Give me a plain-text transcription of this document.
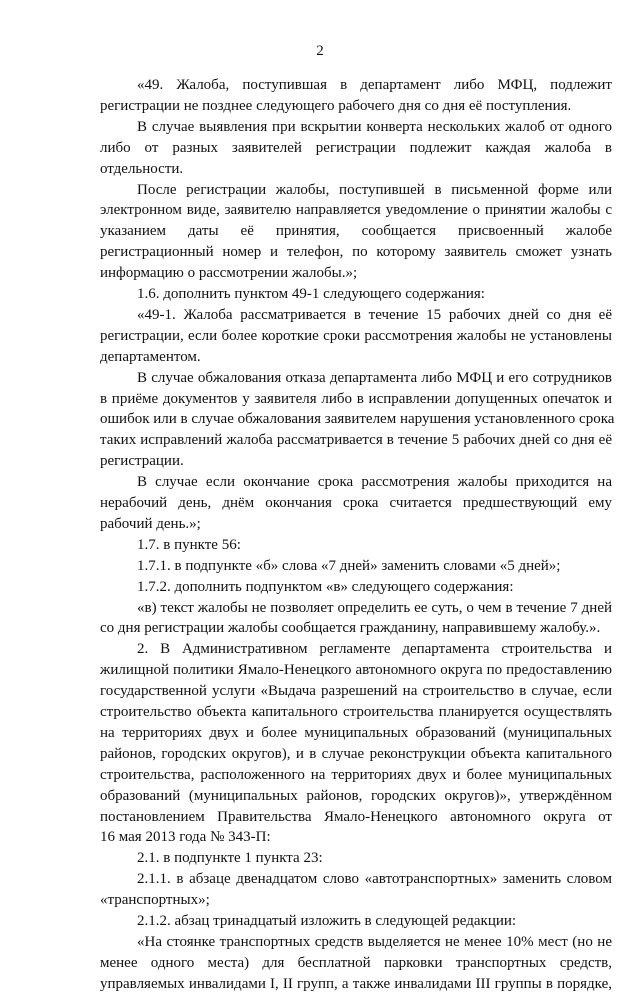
2
«49. Жалоба, поступившая в департамент либо МФЦ, подлежит
регистрации не позднее следующего рабочего дня со дня её поступления.
В случае выявления при вскрытии конверта нескольких жалоб от одного
либо от разных заявителей регистрации подлежит каждая жалоба в
отдельности.
После регистрации жалобы, поступившей в письменной форме или
электронном виде, заявителю направляется уведомление о принятии жалобы с
указанием даты её принятия, сообщается присвоенный жалобе
регистрационный номер и телефон, по которому заявитель сможет узнать
информацию о рассмотрении жалобы.»;
1.6. дополнить пунктом 49-1 следующего содержания:
«49-1. Жалоба рассматривается в течение 15 рабочих дней со дня её
регистрации, если более короткие сроки рассмотрения жалобы не установлены
департаментом.
В случае обжалования отказа департамента либо МФЦ и его сотрудников
в приёме документов у заявителя либо в исправлении допущенных опечаток и
ошибок или в случае обжалования заявителем нарушения установленного срока
таких исправлений жалоба рассматривается в течение 5 рабочих дней со дня её
регистрации.
В случае если окончание срока рассмотрения жалобы приходится на
нерабочий день, днём окончания срока считается предшествующий ему
рабочий день.»;
1.7. в пункте 56:
1.7.1. в подпункте «б» слова «7 дней» заменить словами «5 дней»;
1.7.2. дополнить подпунктом «в» следующего содержания:
«в) текст жалобы не позволяет определить ее суть, о чем в течение 7 дней
со дня регистрации жалобы сообщается гражданину, направившему жалобу.».
2. В Административном регламенте департамента строительства и
жилищной политики Ямало-Ненецкого автономного округа по предоставлению
государственной услуги «Выдача разрешений на строительство в случае, если
строительство объекта капитального строительства планируется осуществлять
на территориях двух и более муниципальных образований (муниципальных
районов, городских округов), и в случае реконструкции объекта капитального
строительства, расположенного на территориях двух и более муниципальных
образований (муниципальных районов, городских округов)», утверждённом
постановлением Правительства Ямало-Ненецкого автономного округа от
16 мая 2013 года № 343-П:
2.1. в подпункте 1 пункта 23:
2.1.1. в абзаце двенадцатом слово «автотранспортных» заменить словом
«транспортных»;
2.1.2. абзац тринадцатый изложить в следующей редакции:
«На стоянке транспортных средств выделяется не менее 10% мест (но не
менее одного места) для бесплатной парковки транспортных средств,
управляемых инвалидами I, II групп, а также инвалидами III группы в порядке,
